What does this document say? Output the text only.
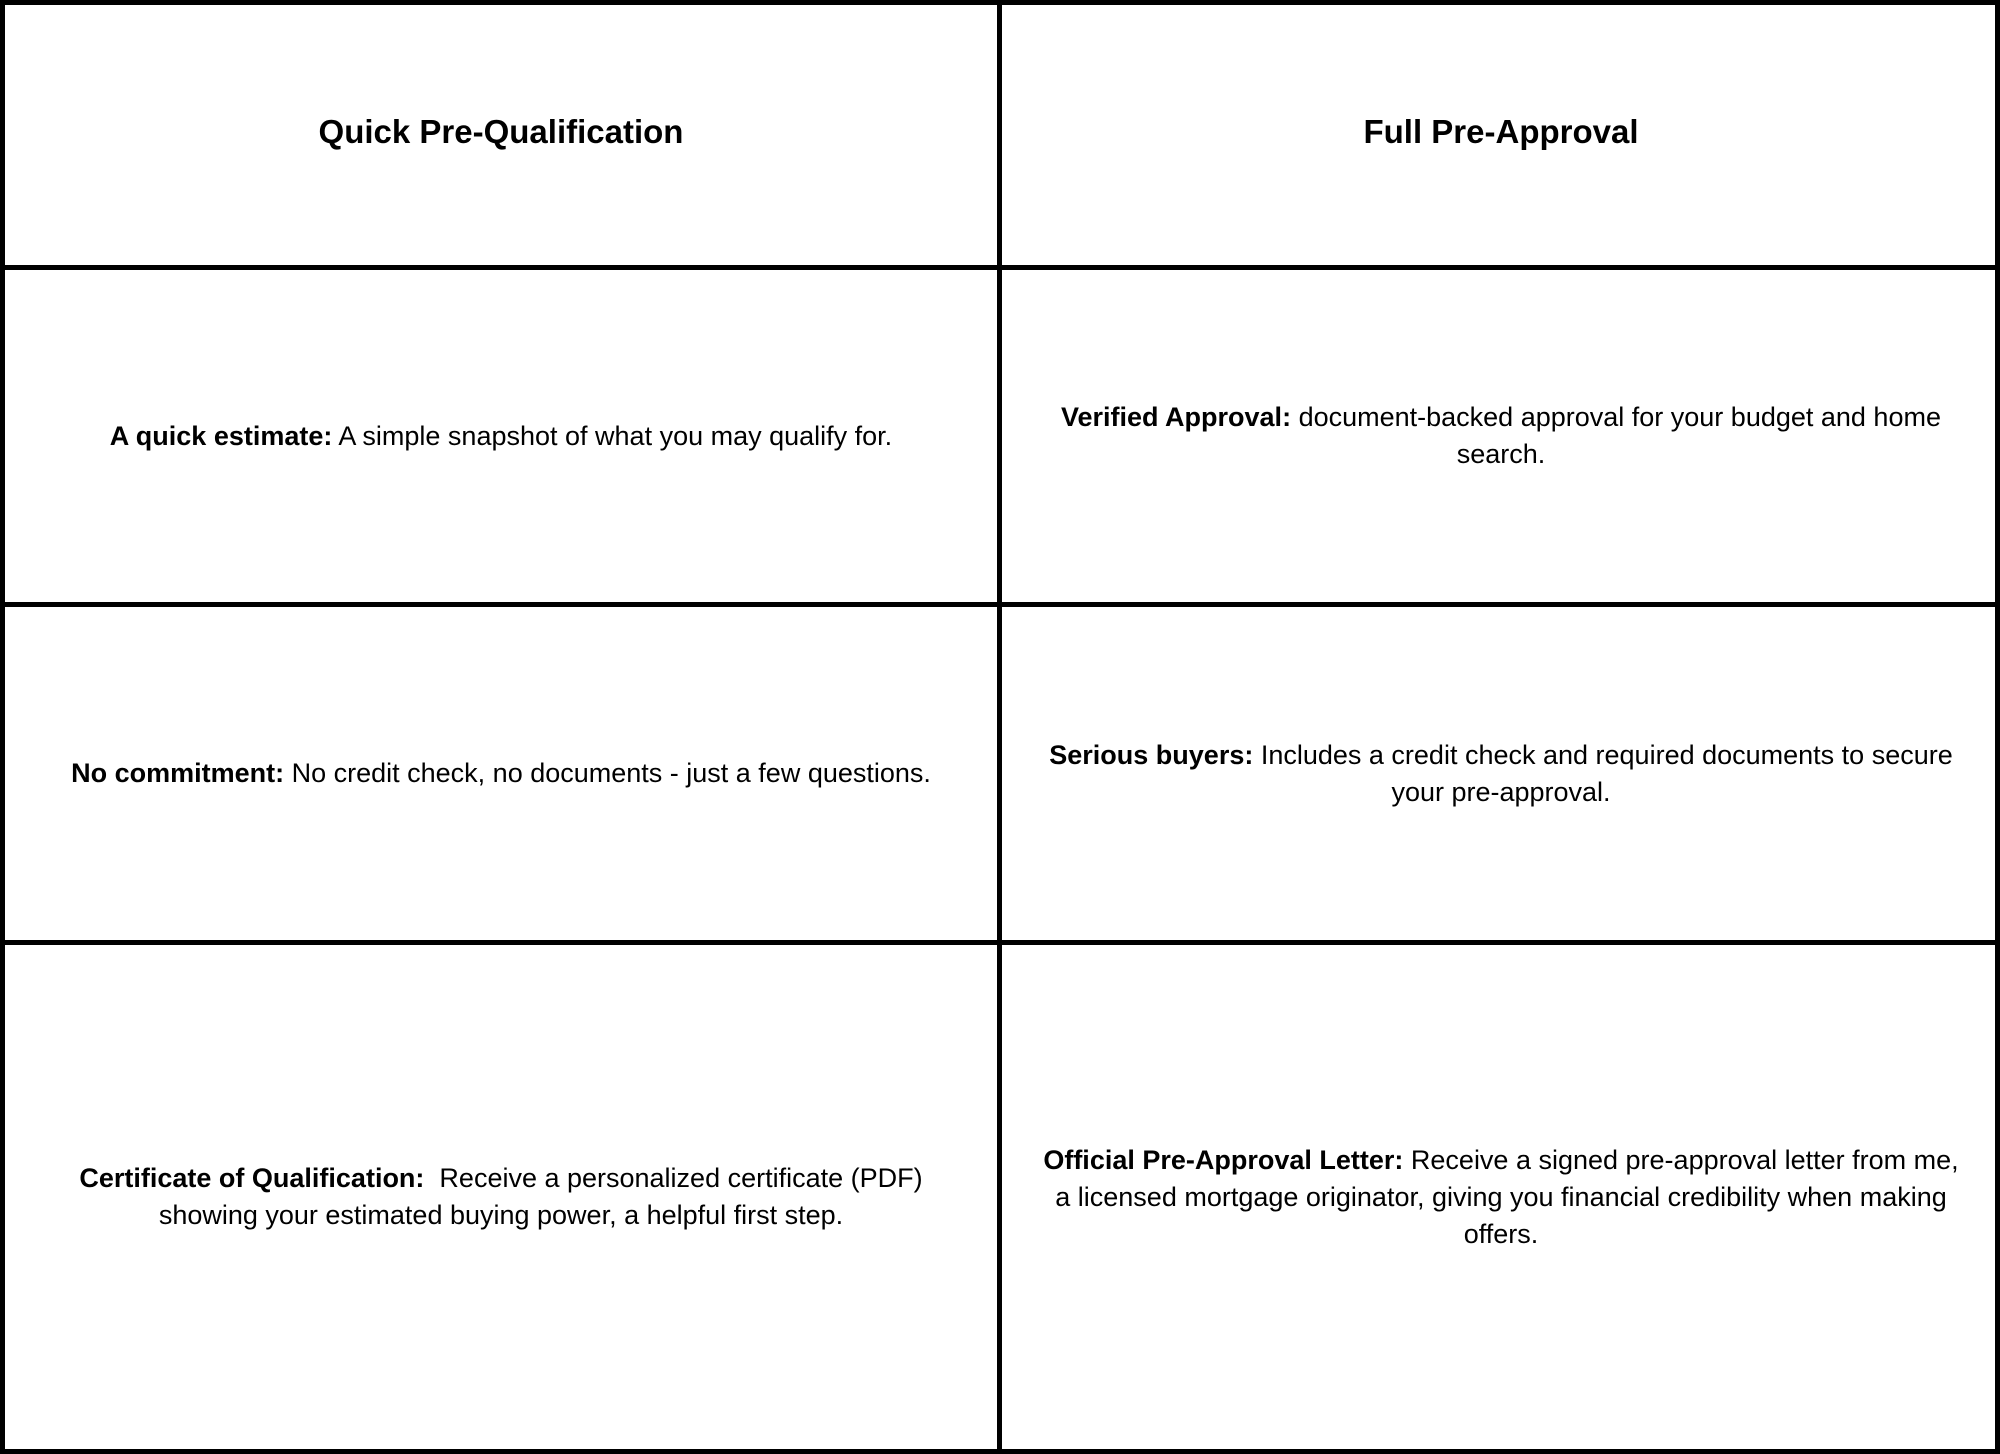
Quick Pre-Qualification	Full Pre-Approval

A quick estimate: A simple snapshot of what you may qualify for.

Verified Approval: document-backed approval for your budget and home search.

No commitment: No credit check, no documents - just a few questions.

Serious buyers: Includes a credit check and required documents to secure your pre-approval.

Certificate of Qualification:  Receive a personalized certificate (PDF) showing your estimated buying power, a helpful first step.

Official Pre-Approval Letter: Receive a signed pre-approval letter from me, a licensed mortgage originator, giving you financial credibility when making offers.
